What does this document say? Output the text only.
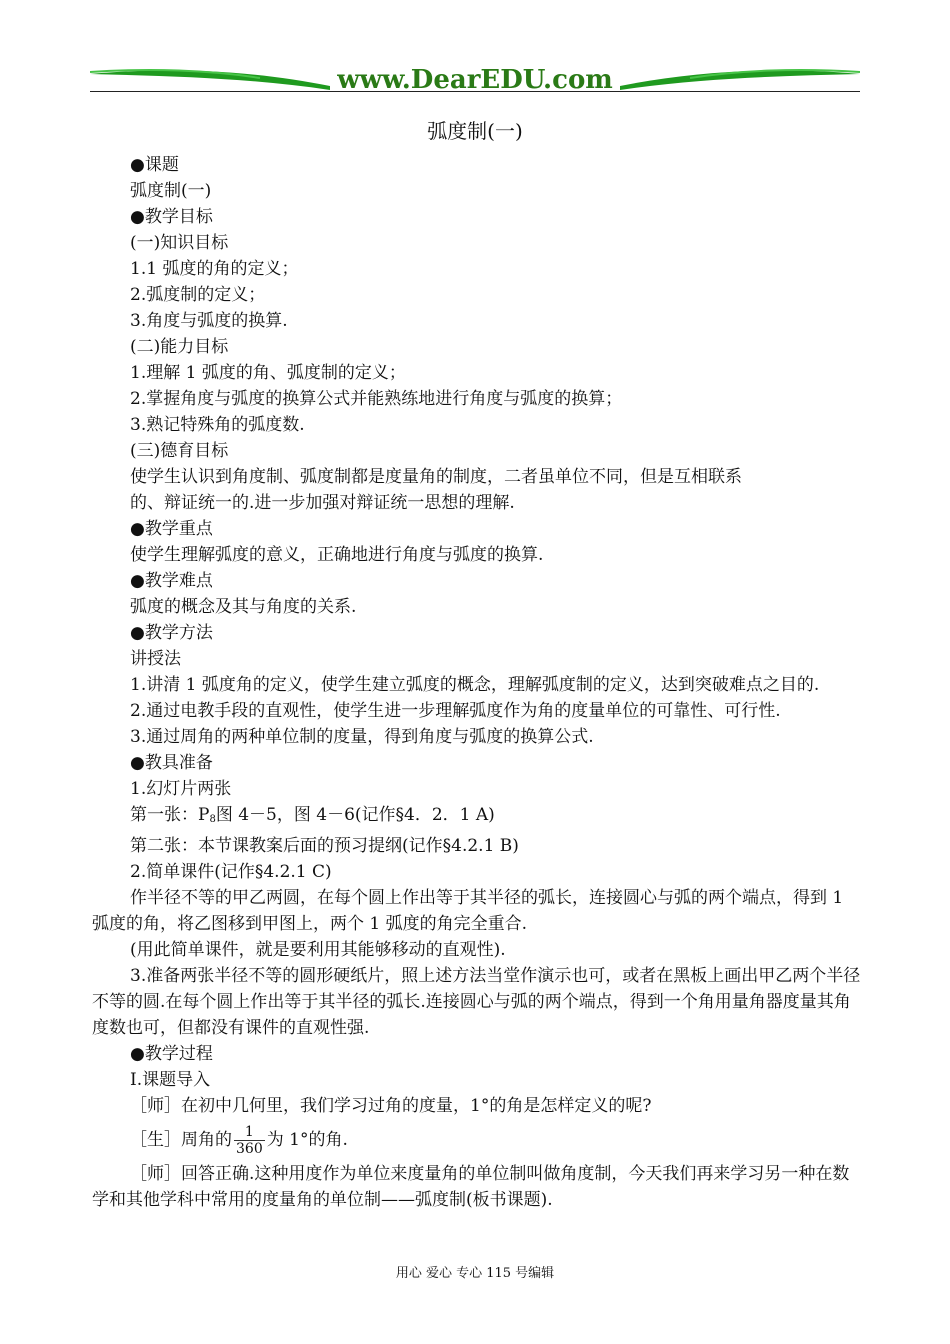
www.DearEDU.com
弧度制(一)
●课题
弧度制(一)
●教学目标
(一)知识目标
1.1 弧度的角的定义；
2.弧度制的定义；
3.角度与弧度的换算.
(二)能力目标
1.理解 1 弧度的角、弧度制的定义；
2.掌握角度与弧度的换算公式并能熟练地进行角度与弧度的换算；
3.熟记特殊角的弧度数.
(三)德育目标
使学生认识到角度制、弧度制都是度量角的制度，二者虽单位不同，但是互相联系
的、辩证统一的.进一步加强对辩证统一思想的理解.
●教学重点
使学生理解弧度的意义，正确地进行角度与弧度的换算.
●教学难点
弧度的概念及其与角度的关系.
●教学方法
讲授法
1.讲清 1 弧度角的定义，使学生建立弧度的概念，理解弧度制的定义，达到突破难点之目的.
2.通过电教手段的直观性，使学生进一步理解弧度作为角的度量单位的可靠性、可行性.
3.通过周角的两种单位制的度量，得到角度与弧度的换算公式.
●教具准备
1.幻灯片两张
第一张：$P_8$图 4－5，图 4－6(记作§4．2．1 A)
第二张：本节课教案后面的预习提纲(记作§4.2.1 B)
2.简单课件(记作§4.2.1 C)
作半径不等的甲乙两圆，在每个圆上作出等于其半径的弧长，连接圆心与弧的两个端点，得到 1 弧度的角，将乙图移到甲图上，两个 1 弧度的角完全重合.
(用此简单课件，就是要利用其能够移动的直观性).
3.准备两张半径不等的圆形硬纸片，照上述方法当堂作演示也可，或者在黑板上画出甲乙两个半径不等的圆.在每个圆上作出等于其半径的弧长.连接圆心与弧的两个端点，得到一个角用量角器度量其角度数也可，但都没有课件的直观性强.
●教学过程
Ⅰ.课题导入
［师］在初中几何里，我们学习过角的度量，1°的角是怎样定义的呢?
［生］周角的 $\frac{1}{360}$ 为 1°的角.
［师］回答正确.这种用度作为单位来度量角的单位制叫做角度制，今天我们再来学习另一种在数学和其他学科中常用的度量角的单位制——弧度制(板书课题).
用心 爱心 专心 115 号编辑
